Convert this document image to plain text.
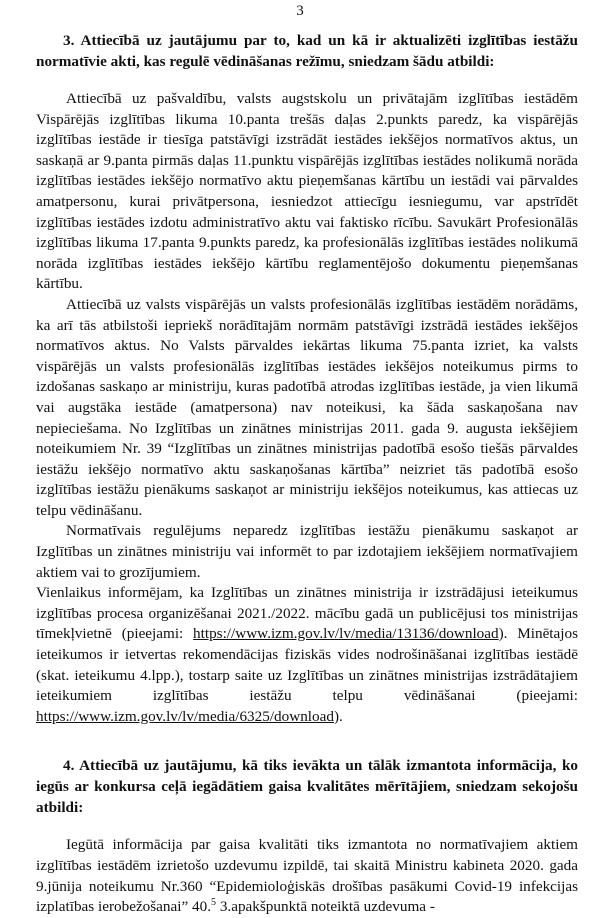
3

3. Attiecībā uz jautājumu par to, kad un kā ir aktualizēti izglītības iestāžu normatīvie akti, kas regulē vēdināšanas režīmu, sniedzam šādu atbildi:

Attiecībā uz pašvaldību, valsts augstskolu un privātajām izglītības iestādēm Vispārējās izglītības likuma 10.panta trešās daļas 2.punkts paredz, ka vispārējās izglītības iestāde ir tiesīga patstāvīgi izstrādāt iestādes iekšējos normatīvos aktus, un saskaņā ar 9.panta pirmās daļas 11.punktu vispārējās izglītības iestādes nolikumā norāda izglītības iestādes iekšējo normatīvo aktu pieņemšanas kārtību un iestādi vai pārvaldes amatpersonu, kurai privātpersona, iesniedzot attiecīgu iesniegumu, var apstrīdēt izglītības iestādes izdotu administratīvo aktu vai faktisko rīcību. Savukārt Profesionālās izglītības likuma 17.panta 9.punkts paredz, ka profesionālās izglītības iestādes nolikumā norāda izglītības iestādes iekšējo kārtību reglamentējošo dokumentu pieņemšanas kārtību.

Attiecībā uz valsts vispārējās un valsts profesionālās izglītības iestādēm norādāms, ka arī tās atbilstoši iepriekš norādītajām normām patstāvīgi izstrādā iestādes iekšējos normatīvos aktus. No Valsts pārvaldes iekārtas likuma 75.panta izriet, ka valsts vispārējās un valsts profesionālās izglītības iestādes iekšējos noteikumus pirms to izdošanas saskaņo ar ministriju, kuras padotībā atrodas izglītības iestāde, ja vien likumā vai augstāka iestāde (amatpersona) nav noteikusi, ka šāda saskaņošana nav nepieciešama. No Izglītības un zinātnes ministrijas 2011. gada 9. augusta iekšējiem noteikumiem Nr. 39 “Izglītības un zinātnes ministrijas padotībā esošo tiešās pārvaldes iestāžu iekšējo normatīvo aktu saskaņošanas kārtība” neizriet tās padotībā esošo izglītības iestāžu pienākums saskaņot ar ministriju iekšējos noteikumus, kas attiecas uz telpu vēdināšanu.

Normatīvais regulējums neparedz izglītības iestāžu pienākumu saskaņot ar Izglītības un zinātnes ministriju vai informēt to par izdotajiem iekšējiem normatīvajiem aktiem vai to grozījumiem.

Vienlaikus informējam, ka Izglītības un zinātnes ministrija ir izstrādājusi ieteikumus izglītības procesa organizēšanai 2021./2022. mācību gadā un publicējusi tos ministrijas tīmekļvietnē (pieejami: https://www.izm.gov.lv/lv/media/13136/download). Minētajos ieteikumos ir ietvertas rekomendācijas fiziskās vides nodrošināšanai izglītības iestādē (skat. ieteikumu 4.lpp.), tostarp saite uz Izglītības un zinātnes ministrijas izstrādātajiem ieteikumiem izglītības iestāžu telpu vēdināšanai (pieejami: https://www.izm.gov.lv/lv/media/6325/download).

4. Attiecībā uz jautājumu, kā tiks ievākta un tālāk izmantota informācija, ko iegūs ar konkursa ceļā iegādātiem gaisa kvalitātes mērītājiem, sniedzam sekojošu atbildi:

Iegūtā informācija par gaisa kvalitāti tiks izmantota no normatīvajiem aktiem izglītības iestādēm izrietošo uzdevumu izpildē, tai skaitā Ministru kabineta 2020. gada 9.jūnija noteikumu Nr.360 “Epidemioloģiskās drošības pasākumi Covid-19 infekcijas izplatības ierobežošanai” 40.$^5$ 3.apakšpunktā noteiktā uzdevuma -
